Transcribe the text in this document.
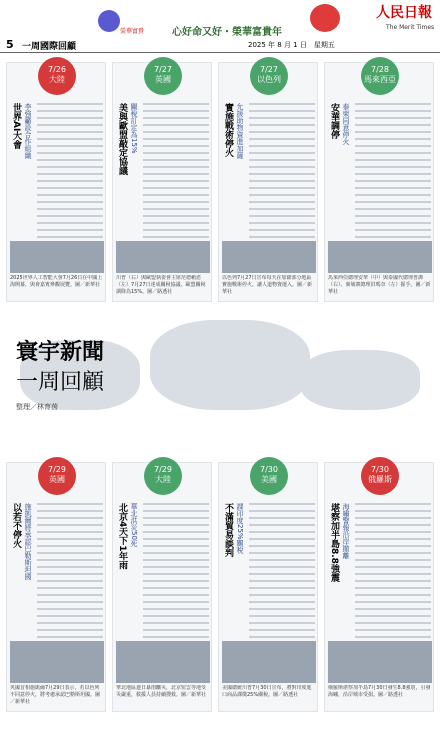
榮華富貴	心好命又好・榮華富貴年
人民日報
The Merit Times
5 一周國際回顧	2025 年 8 月 1 日　星期五
寰宇新聞
一周回顧
整理／林育茵
7/26
大陸
世界AI大會 李強籲設合作組織
2025世界人工智能大會7月26日在中國上海開幕，與會嘉賓參觀展覽。圖／新華社
7/27
英國
美與歐盟敲定協議 關稅訂定為15%
川普（右）與歐盟執委會主席范德賴恩（左）7月27日達成關稅協議，歐盟關稅調降為15%。圖／路透社
7/27
以色列
實施戰術停火 允援助物資進加薩
以色列7月27日宣布每天在加薩部分地區實施戰術停火，讓人道物資運入。圖／新華社
7/28
馬來西亞
安華調停 泰柬同意停火
馬來西亞總理安華（中）與泰國代總理普譚（右）、柬埔寨總理洪瑪奈（左）握手。圖／新華社
7/29
英國
以若不停火 施凱爾將承認巴勒斯坦國
英國首相施凱爾7月29日表示，若以色列不同意停火，將考慮承認巴勒斯坦國。圖／新華社
7/29
大陸
北京4天下1年雨 華北洪災50死
華北地區連日暴雨釀災，北京密雲等地受災嚴重，救援人員持續搜救。圖／新華社
7/30
美國
不滿貿易談判 課印度25%關稅
美國總統川普7月30日宣布，將對印度進口商品課徵25%關稅。圖／路透社
7/30
俄羅斯
堪察加半島8.8強震 海嘯警報沿岸撤離
俄羅斯堪察加半島7月30日發生8.8強震，引發海嘯，沿岸城市受損。圖／路透社
